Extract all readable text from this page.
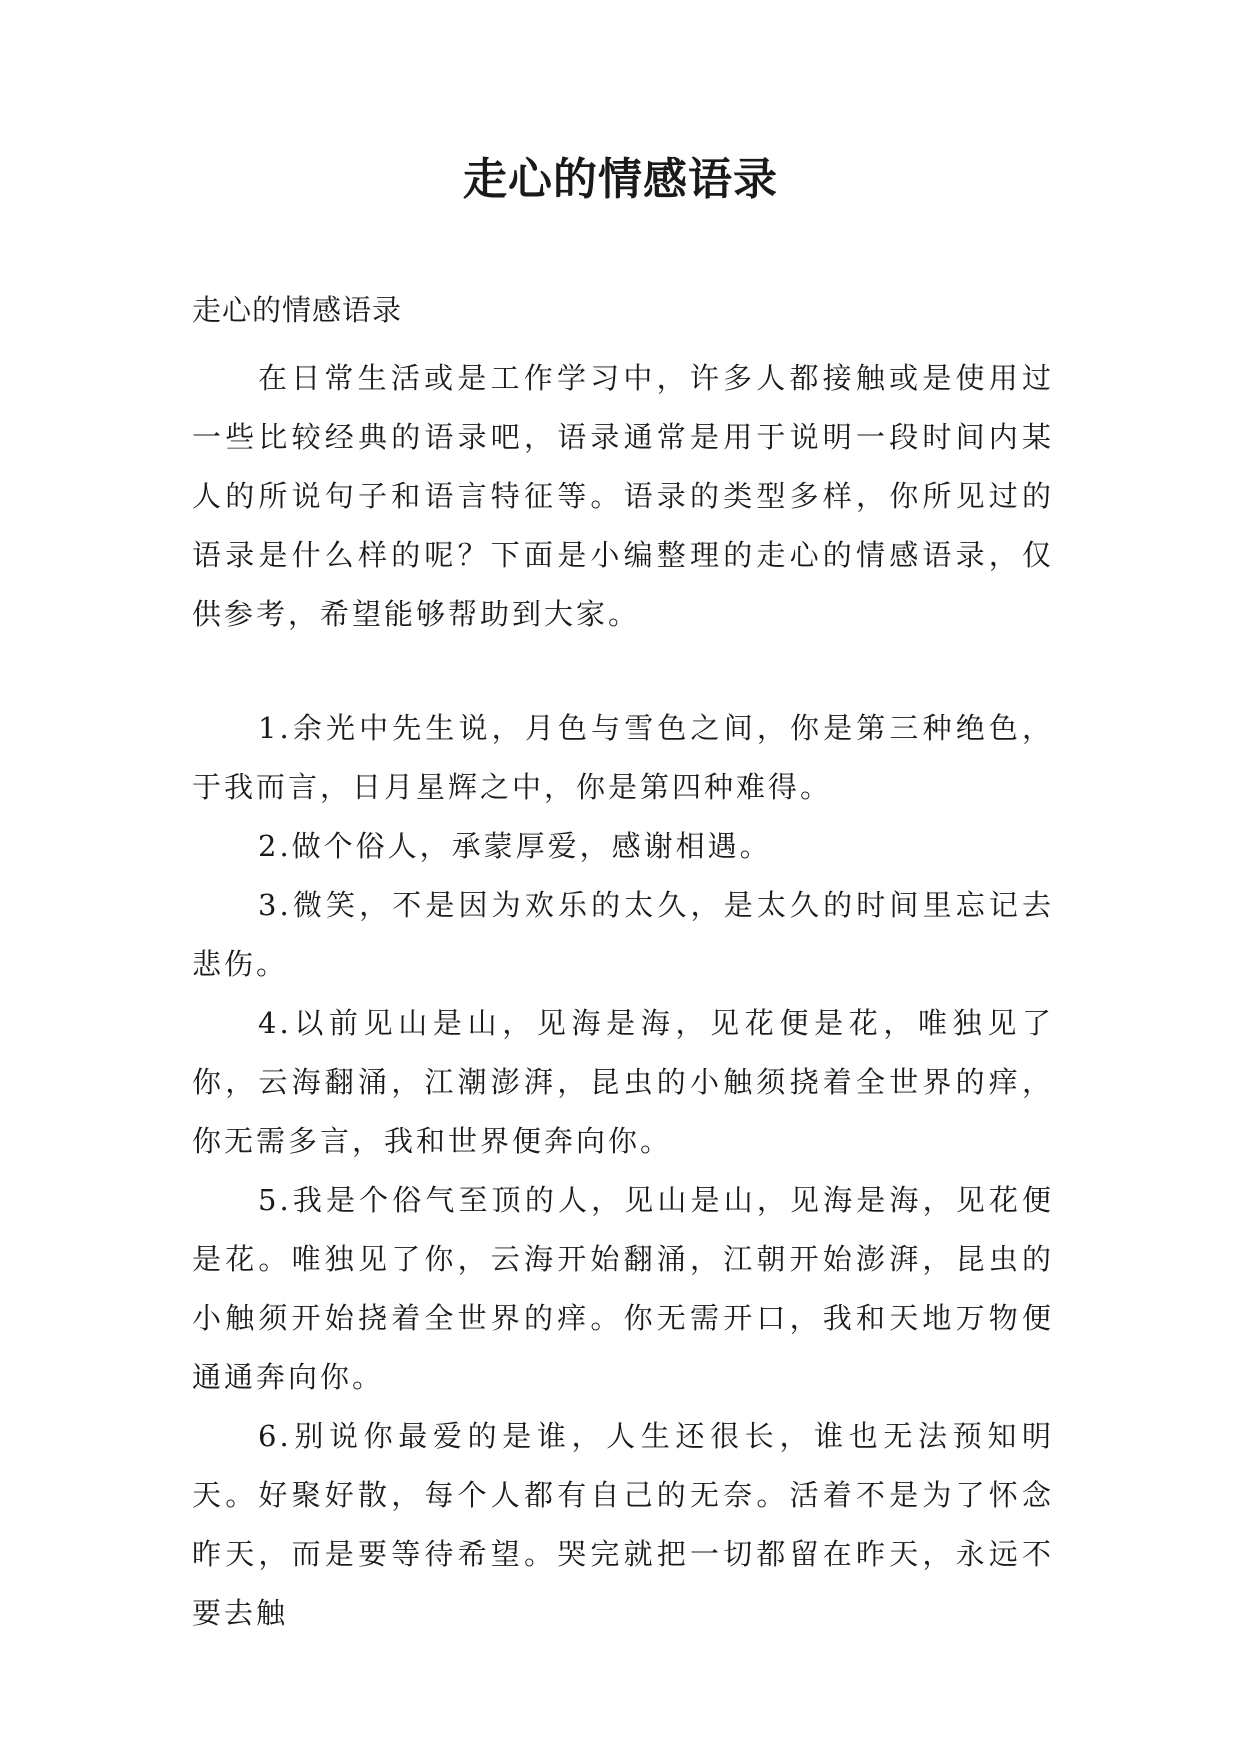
走心的情感语录
走心的情感语录

在日常生活或是工作学习中，许多人都接触或是使用过一些比较经典的语录吧，语录通常是用于说明一段时间内某人的所说句子和语言特征等。语录的类型多样，你所见过的语录是什么样的呢？下面是小编整理的走心的情感语录，仅供参考，希望能够帮助到大家。

1.余光中先生说，月色与雪色之间，你是第三种绝色，于我而言，日月星辉之中，你是第四种难得。
2.做个俗人，承蒙厚爱，感谢相遇。
3.微笑，不是因为欢乐的太久，是太久的时间里忘记去悲伤。
4.以前见山是山，见海是海，见花便是花，唯独见了你，云海翻涌，江潮澎湃，昆虫的小触须挠着全世界的痒，你无需多言，我和世界便奔向你。
5.我是个俗气至顶的人，见山是山，见海是海，见花便是花。唯独见了你，云海开始翻涌，江朝开始澎湃，昆虫的小触须开始挠着全世界的痒。你无需开口，我和天地万物便通通奔向你。
6.别说你最爱的是谁，人生还很长，谁也无法预知明天。好聚好散，每个人都有自己的无奈。活着不是为了怀念昨天，而是要等待希望。哭完就把一切都留在昨天，永远不要去触
